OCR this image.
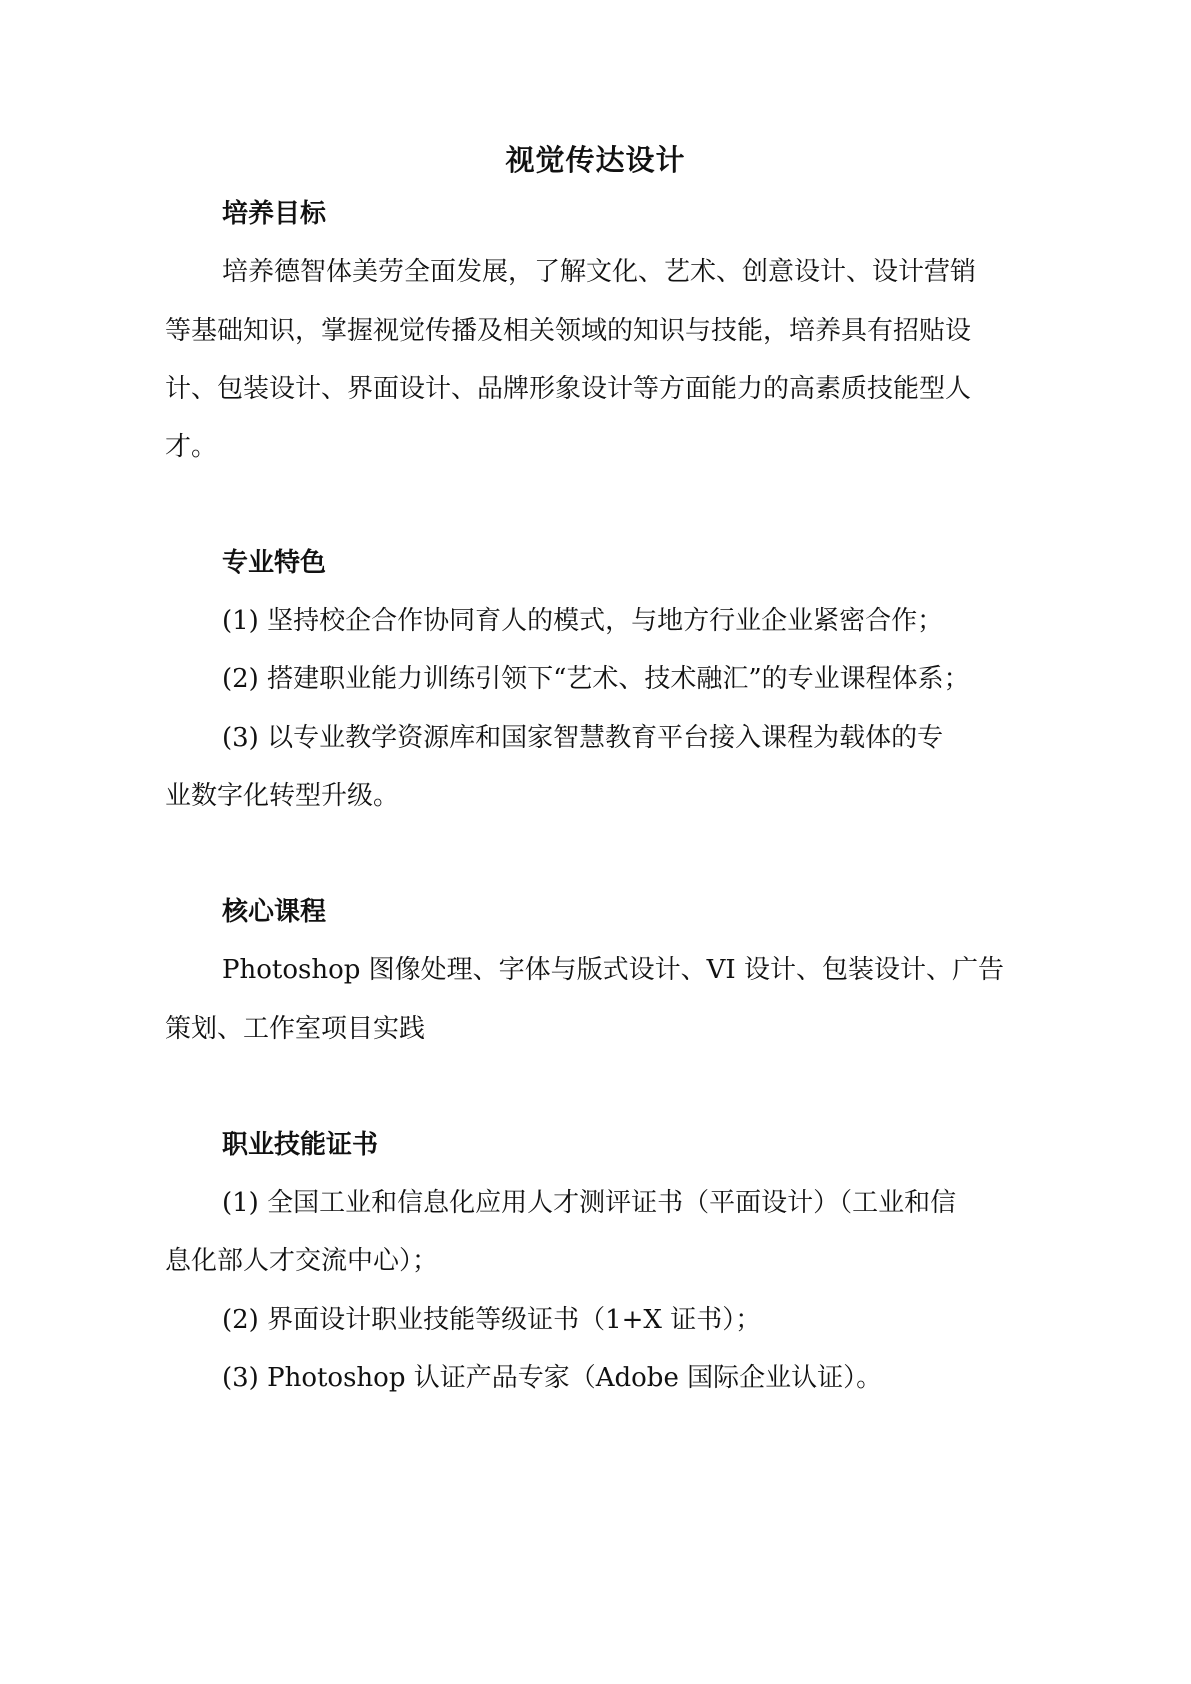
视觉传达设计
培养目标
培养德智体美劳全面发展，了解文化、艺术、创意设计、设计营销
等基础知识，掌握视觉传播及相关领域的知识与技能，培养具有招贴设
计、包装设计、界面设计、品牌形象设计等方面能力的高素质技能型人
才。
专业特色
(1) 坚持校企合作协同育人的模式，与地方行业企业紧密合作；
(2) 搭建职业能力训练引领下“艺术、技术融汇”的专业课程体系；
(3) 以专业教学资源库和国家智慧教育平台接入课程为载体的专
业数字化转型升级。
核心课程
Photoshop 图像处理、字体与版式设计、VI 设计、包装设计、广告
策划、工作室项目实践
职业技能证书
(1) 全国工业和信息化应用人才测评证书（平面设计）（工业和信
息化部人才交流中心）；
(2) 界面设计职业技能等级证书（1+X 证书）；
(3) Photoshop 认证产品专家（Adobe 国际企业认证）。
